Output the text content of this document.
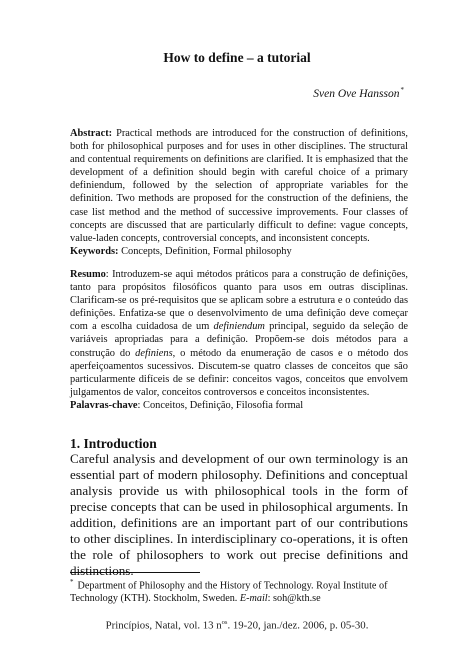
How to define – a tutorial
Sven Ove Hansson*
Abstract: Practical methods are introduced for the construction of definitions, both for philosophical purposes and for uses in other disciplines. The structural and contentual requirements on definitions are clarified. It is emphasized that the development of a definition should begin with careful choice of a primary definiendum, followed by the selection of appropriate variables for the definition. Two methods are proposed for the construction of the definiens, the case list method and the method of successive improvements. Four classes of concepts are discussed that are particularly difficult to define: vague concepts, value-laden concepts, controversial concepts, and inconsistent concepts.
Keywords: Concepts, Definition, Formal philosophy
Resumo: Introduzem-se aqui métodos práticos para a construção de definições, tanto para propósitos filosóficos quanto para usos em outras disciplinas. Clarificam-se os pré-requisitos que se aplicam sobre a estrutura e o conteúdo das definições. Enfatiza-se que o desenvolvimento de uma definição deve começar com a escolha cuidadosa de um definiendum principal, seguido da seleção de variáveis apropriadas para a definição. Propõem-se dois métodos para a construção do definiens, o método da enumeração de casos e o método dos aperfeiçoamentos sucessivos. Discutem-se quatro classes de conceitos que são particularmente difíceis de se definir: conceitos vagos, conceitos que envolvem julgamentos de valor, conceitos controversos e conceitos inconsistentes.
Palavras-chave: Conceitos, Definição, Filosofia formal
1. Introduction
Careful analysis and development of our own terminology is an essential part of modern philosophy. Definitions and conceptual analysis provide us with philosophical tools in the form of precise concepts that can be used in philosophical arguments. In addition, definitions are an important part of our contributions to other disciplines. In interdisciplinary co-operations, it is often the role of philosophers to work out precise definitions and distinctions.
* Department of Philosophy and the History of Technology. Royal Institute of Technology (KTH). Stockholm, Sweden. E-mail: soh@kth.se
Princípios, Natal, vol. 13 $n^{os}$. 19-20, jan./dez. 2006, p. 05-30.
